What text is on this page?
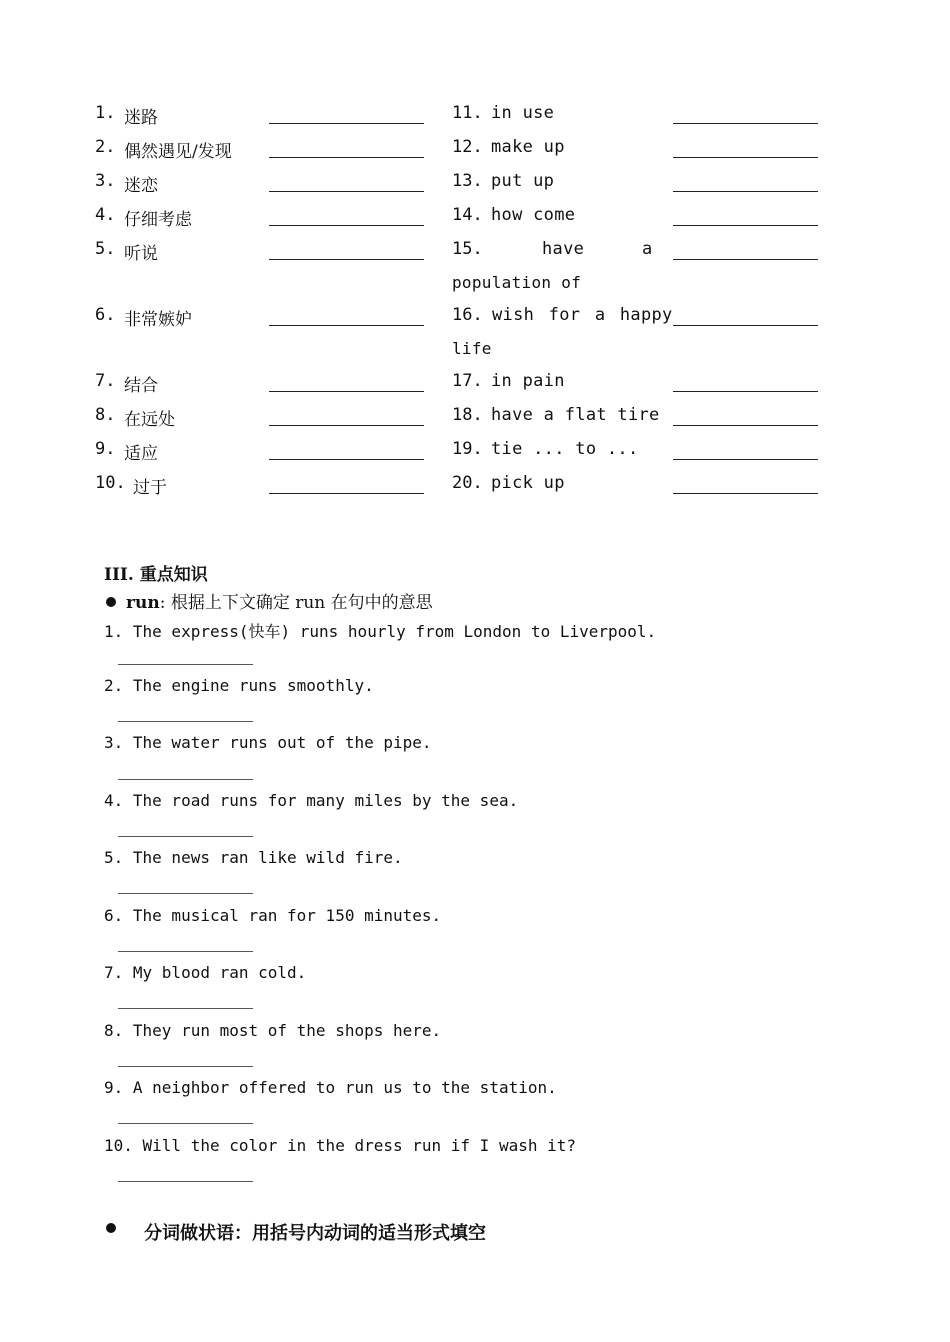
1. 迷路
2. 偶然遇见/发现
3. 迷恋
4. 仔细考虑
5. 听说
6. 非常嫉妒
7. 结合
8. 在远处
9. 适应
10. 过于
11. in use
12. make up
13. put up
14. how come
15.	have	a
population of
16. wish for a happy
life
17. in pain
18. have a flat tire
19. tie ... to ...
20. pick up
III. 重点知识
run: 根据上下文确定 run 在句中的意思
1. The express(快车) runs hourly from London to Liverpool.
2. The engine runs smoothly.
3. The water runs out of the pipe.
4. The road runs for many miles by the sea.
5. The news ran like wild fire.
6. The musical ran for 150 minutes.
7. My blood ran cold.
8. They run most of the shops here.
9. A neighbor offered to run us to the station.
10. Will the color in the dress run if I wash it?
分词做状语：用括号内动词的适当形式填空
